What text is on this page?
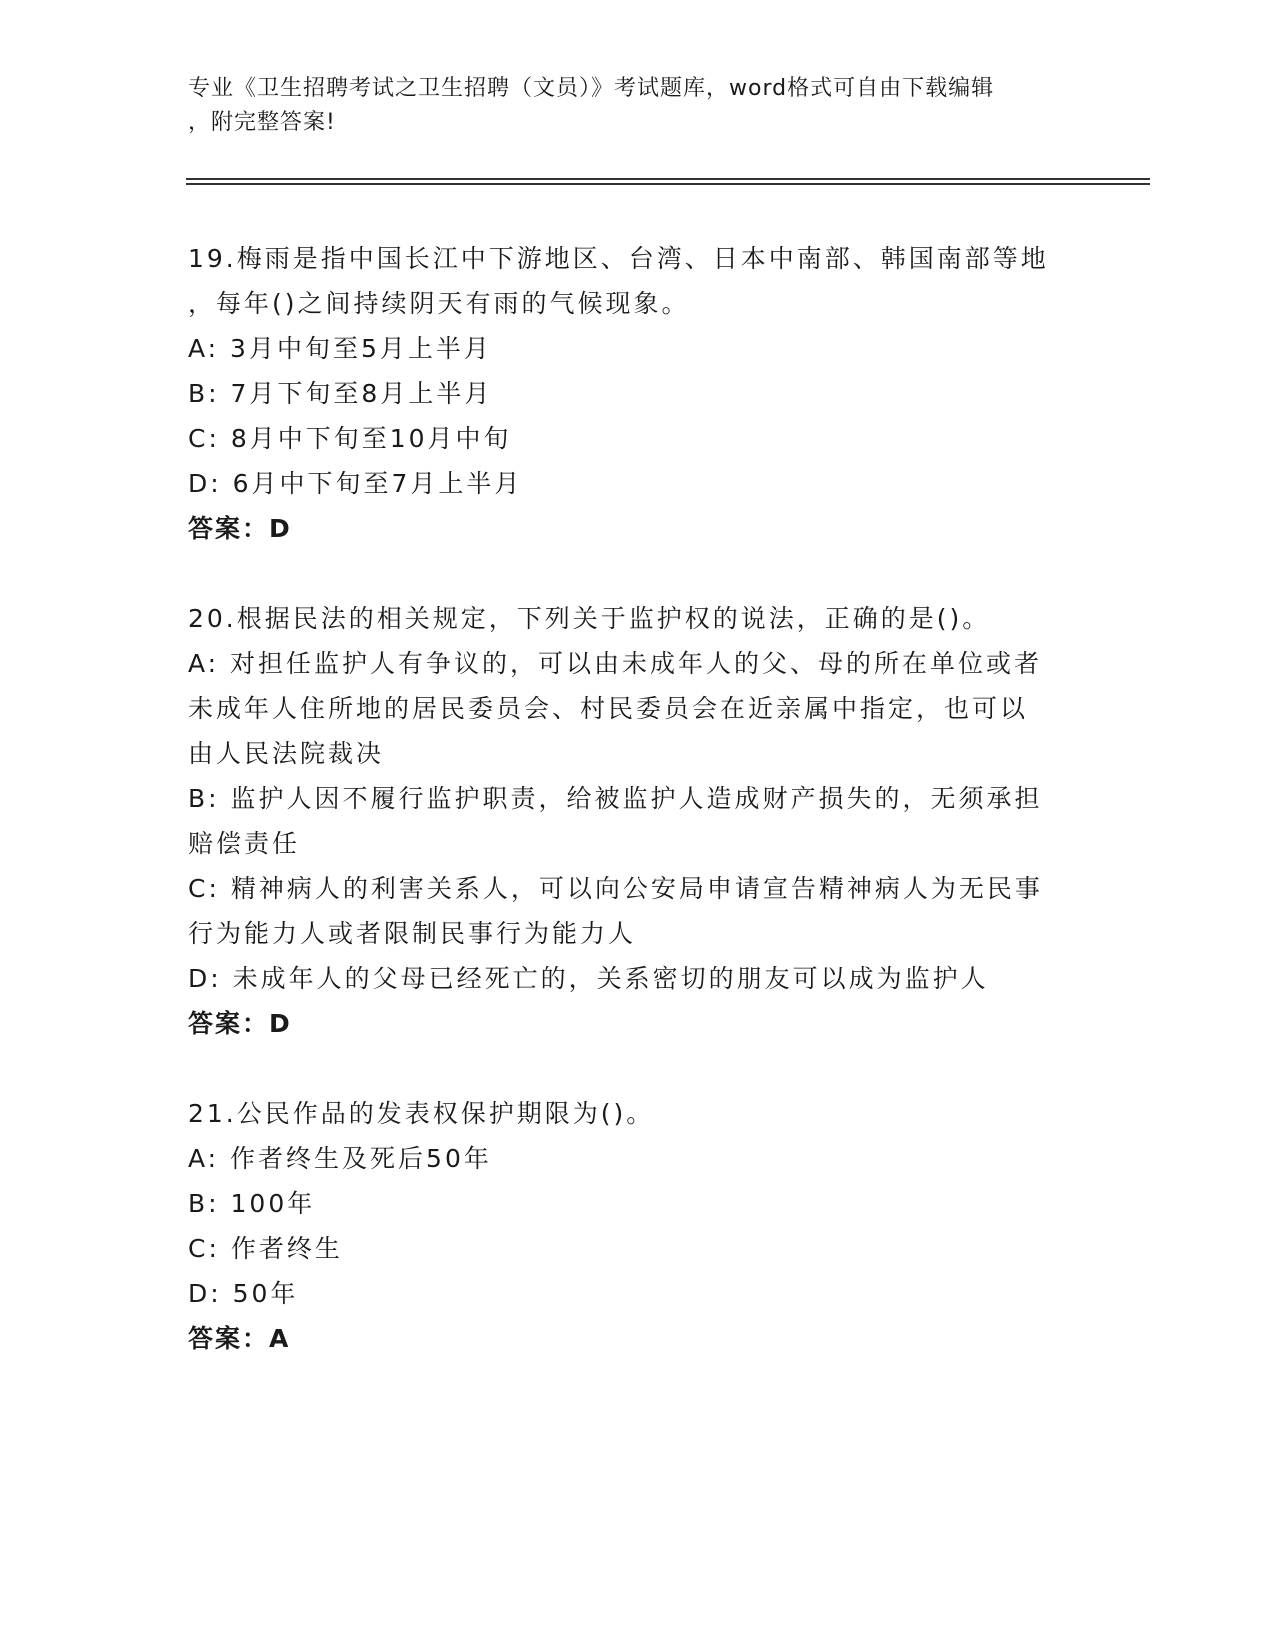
专业《卫生招聘考试之卫生招聘（文员）》考试题库，word格式可自由下载编辑
，附完整答案!
19.梅雨是指中国长江中下游地区、台湾、日本中南部、韩国南部等地
，每年()之间持续阴天有雨的气候现象。
A: 3月中旬至5月上半月
B: 7月下旬至8月上半月
C: 8月中下旬至10月中旬
D: 6月中下旬至7月上半月
答案：D
20.根据民法的相关规定，下列关于监护权的说法，正确的是()。
A: 对担任监护人有争议的，可以由未成年人的父、母的所在单位或者
未成年人住所地的居民委员会、村民委员会在近亲属中指定，也可以
由人民法院裁决
B: 监护人因不履行监护职责，给被监护人造成财产损失的，无须承担
赔偿责任
C: 精神病人的利害关系人，可以向公安局申请宣告精神病人为无民事
行为能力人或者限制民事行为能力人
D: 未成年人的父母已经死亡的，关系密切的朋友可以成为监护人
答案：D
21.公民作品的发表权保护期限为()。
A: 作者终生及死后50年
B: 100年
C: 作者终生
D: 50年
答案：A
